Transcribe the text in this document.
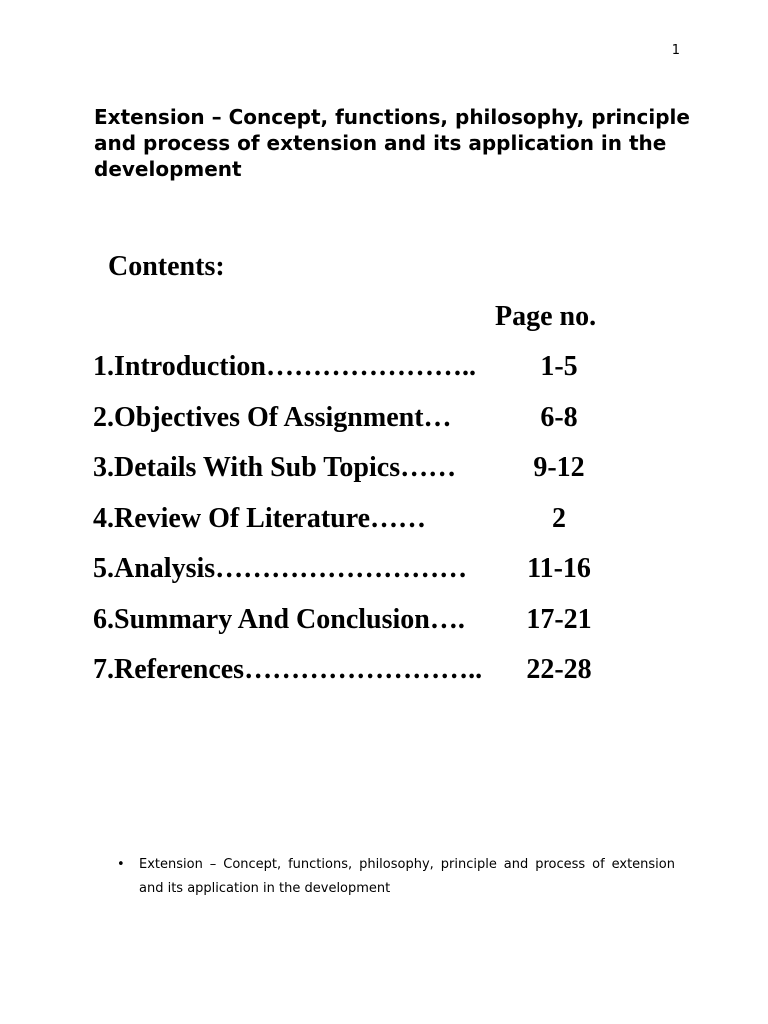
1
Extension – Concept, functions, philosophy, principle and process of extension and its application in the development
Contents:
Page no.
1.Introduction…………………..	1-5
2.Objectives Of Assignment…	6-8
3.Details With Sub Topics……	9-12
4.Review Of Literature……	2
5.Analysis………………………	11-16
6.Summary And Conclusion….	17-21
7.References……………………..	22-28
• Extension – Concept, functions, philosophy, principle and process of extension and its application in the development
